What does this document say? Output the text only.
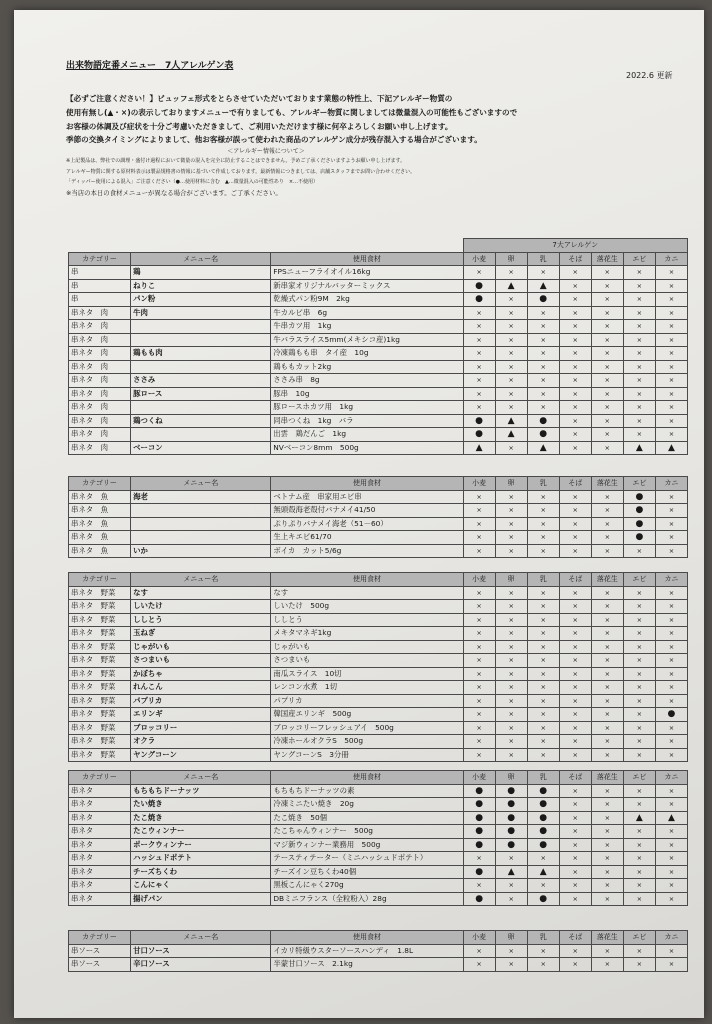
出来物語定番メニュー　7人アレルゲン表
2022.6 更新
【必ずご注意ください！】ビュッフェ形式をとらさせていただいております業態の特性上、下記アレルギー物質の
使用有無し(▲・×)の表示しておりますメニューで有りましても、アレルギー物質に関しましては微量混入の可能性もございますので
お客様の体調及び症状を十分ご考慮いただきまして、ご利用いただけます様に何卒よろしくお願い申し上げます。
季節の交換タイミングによりまして、他お客様が誤って使われた商品のアレルゲン成分が残存混入する場合がございます。
＜アレルギー情報について＞
※上記製品は、弊社での調理・盛付け過程において微量の混入を完全に防止することはできません。予めご了承くださいますようお願い申し上げます。
アレルギー物質に関する原材料表示は製品規格書の情報に基づいて作成しております。最新情報につきましては、店舗スタッフまでお問い合わせください。
「ディッパー使用による混入」ご注意ください（●…使用材料に含む　▲…微量混入の可能性あり　×…不使用）
※当店の本日の食材メニューが異なる場合がございます。ご了承ください。
			7大アレルゲン						
カテゴリー	メニュー名	使用食材	小麦	卵	乳	そば	落花生	エビ	カニ
串	鶏	FPSニューフライオイル16kg	×	×	×	×	×	×	×
串	ねりこ	新串家オリジナルバッターミックス	●	▲	▲	×	×	×	×
串	パン粉	乾燥式パン粉9M　2kg	●	×	●	×	×	×	×
串ネタ　肉	牛肉	牛カルビ串　6g	×	×	×	×	×	×	×
串ネタ　肉		牛串カツ用　1kg	×	×	×	×	×	×	×
串ネタ　肉		牛バラスライス5mm(メキシコ産)1kg	×	×	×	×	×	×	×
串ネタ　肉	鶏もも肉	冷凍鶏もも串　タイ産　10g	×	×	×	×	×	×	×
串ネタ　肉		鶏ももカット2kg	×	×	×	×	×	×	×
串ネタ　肉	ささみ	ささみ串　8g	×	×	×	×	×	×	×
串ネタ　肉	豚ロース	豚串　10g	×	×	×	×	×	×	×
串ネタ　肉		豚ロースホカツ用　1kg	×	×	×	×	×	×	×
串ネタ　肉	鶏つくね	同串つくね　1kg　バラ	●	▲	●	×	×	×	×
串ネタ　肉		出雲　鶏だんご　1kg	●	▲	●	×	×	×	×
串ネタ　肉	ベーコン	NVベーコン8mm　500g	▲	×	▲	×	×	▲	▲
カテゴリー	メニュー名	使用食材	小麦	卵	乳	そば	落花生	エビ	カニ
串ネタ　魚	海老	ベトナム産　串家用エビ串	×	×	×	×	×	●	×
串ネタ　魚		無頭殻海老殻付バナメイ41/50	×	×	×	×	×	●	×
串ネタ　魚		ぷりぷりバナメイ海老（51－60）	×	×	×	×	×	●	×
串ネタ　魚		生上キエビ61/70	×	×	×	×	×	●	×
串ネタ　魚	いか	ボイカ　カット5/6g	×	×	×	×	×	×	×
カテゴリー	メニュー名	使用食材	小麦	卵	乳	そば	落花生	エビ	カニ
串ネタ　野菜	なす	なす	×	×	×	×	×	×	×
串ネタ　野菜	しいたけ	しいたけ　500g	×	×	×	×	×	×	×
串ネタ　野菜	ししとう	ししとう	×	×	×	×	×	×	×
串ネタ　野菜	玉ねぎ	メキタマネギ1kg	×	×	×	×	×	×	×
串ネタ　野菜	じゃがいも	じゃがいも	×	×	×	×	×	×	×
串ネタ　野菜	さつまいも	さつまいも	×	×	×	×	×	×	×
串ネタ　野菜	かぼちゃ	南瓜スライス　10切	×	×	×	×	×	×	×
串ネタ　野菜	れんこん	レンコン水煮　1切	×	×	×	×	×	×	×
串ネタ　野菜	パプリカ	パプリカ	×	×	×	×	×	×	×
串ネタ　野菜	エリンギ	韓国産エリンギ　500g	×	×	×	×	×	×	●
串ネタ　野菜	ブロッコリー	ブロッコリーフレッシュアイ　500g	×	×	×	×	×	×	×
串ネタ　野菜	オクラ	冷凍ホールオクラS　500g	×	×	×	×	×	×	×
串ネタ　野菜	ヤングコーン	ヤングコーンS　3分冊	×	×	×	×	×	×	×
カテゴリー	メニュー名	使用食材	小麦	卵	乳	そば	落花生	エビ	カニ
串ネタ	もちもちドーナッツ	もちもちドーナッツの素	●	●	●	×	×	×	×
串ネタ	たい焼き	冷凍ミニたい焼き　20g	●	●	●	×	×	×	×
串ネタ	たこ焼き	たこ焼き　50個	●	●	●	×	×	▲	▲
串ネタ	たこウィンナー	たこちゃんウィンナー　500g	●	●	●	×	×	×	×
串ネタ	ポークウィンナー	マジ新ウィンナー業務用　500g	●	●	●	×	×	×	×
串ネタ	ハッシュドポテト	テースティテーター（ミニハッシュドポテト）	×	×	×	×	×	×	×
串ネタ	チーズちくわ	チーズイン豆ちくわ40個	●	▲	▲	×	×	×	×
串ネタ	こんにゃく	黒板こんにゃく270g	×	×	×	×	×	×	×
串ネタ	揚げパン	DBミニフランス（全粒粉入）28g	●	×	●	×	×	×	×
カテゴリー	メニュー名	使用食材	小麦	卵	乳	そば	落花生	エビ	カニ
串ソース	甘口ソース	イカリ特級ウスターソースハンディ　1.8L	×	×	×	×	×	×	×
串ソース	辛口ソース	半蒙甘口ソース　2.1kg	×	×	×	×	×	×	×
